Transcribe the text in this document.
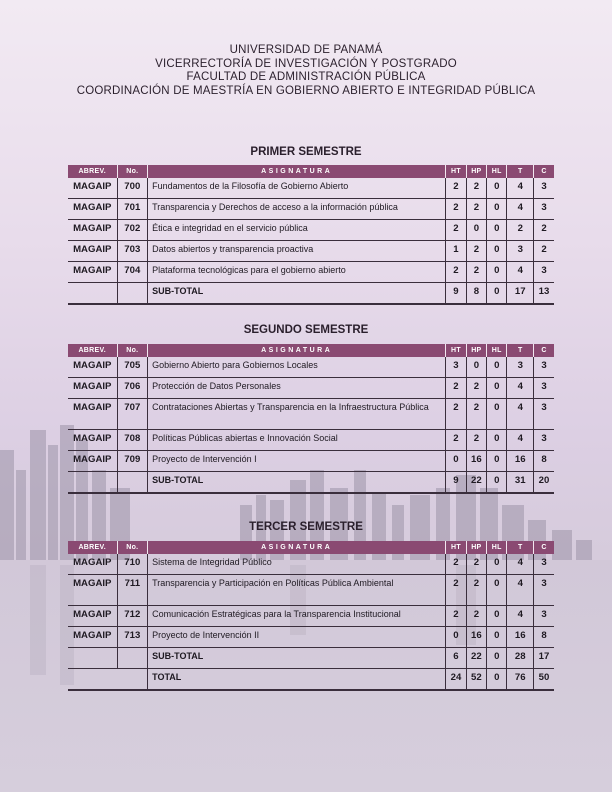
UNIVERSIDAD DE PANAMÁ
VICERRECTORÍA DE INVESTIGACIÓN Y POSTGRADO
FACULTAD DE ADMINISTRACIÓN PÚBLICA
COORDINACIÓN DE MAESTRÍA EN GOBIERNO ABIERTO E INTEGRIDAD PÚBLICA
PRIMER SEMESTRE
ABREV.	No.	ASIGNATURA	HT	HP	HL	T	C
MAGAIP	700	Fundamentos de la Filosofía de Gobierno Abierto	2	2	0	4	3
MAGAIP	701	Transparencia y Derechos de acceso a la información pública	2	2	0	4	3
MAGAIP	702	Ética e integridad en el servicio pública	2	0	0	2	2
MAGAIP	703	Datos abiertos y transparencia proactiva	1	2	0	3	2
MAGAIP	704	Plataforma tecnológicas para el gobierno abierto	2	2	0	4	3
		SUB-TOTAL	9	8	0	17	13
SEGUNDO SEMESTRE
ABREV.	No.	ASIGNATURA	HT	HP	HL	T	C
MAGAIP	705	Gobierno Abierto para Gobiernos Locales	3	0	0	3	3
MAGAIP	706	Protección de Datos Personales	2	2	0	4	3
MAGAIP	707	Contrataciones Abiertas y Transparencia en la Infraestructura Pública	2	2	0	4	3
MAGAIP	708	Políticas Públicas abiertas e Innovación Social	2	2	0	4	3
MAGAIP	709	Proyecto de Intervención I	0	16	0	16	8
		SUB-TOTAL	9	22	0	31	20
TERCER SEMESTRE
ABREV.	No.	ASIGNATURA	HT	HP	HL	T	C
MAGAIP	710	Sistema de Integridad Público	2	2	0	4	3
MAGAIP	711	Transparencia y Participación en Políticas Pública Ambiental	2	2	0	4	3
MAGAIP	712	Comunicación Estratégicas para la Transparencia Institucional	2	2	0	4	3
MAGAIP	713	Proyecto de Intervención II	0	16	0	16	8
		SUB-TOTAL	6	22	0	28	17
		TOTAL	24	52	0	76	50
